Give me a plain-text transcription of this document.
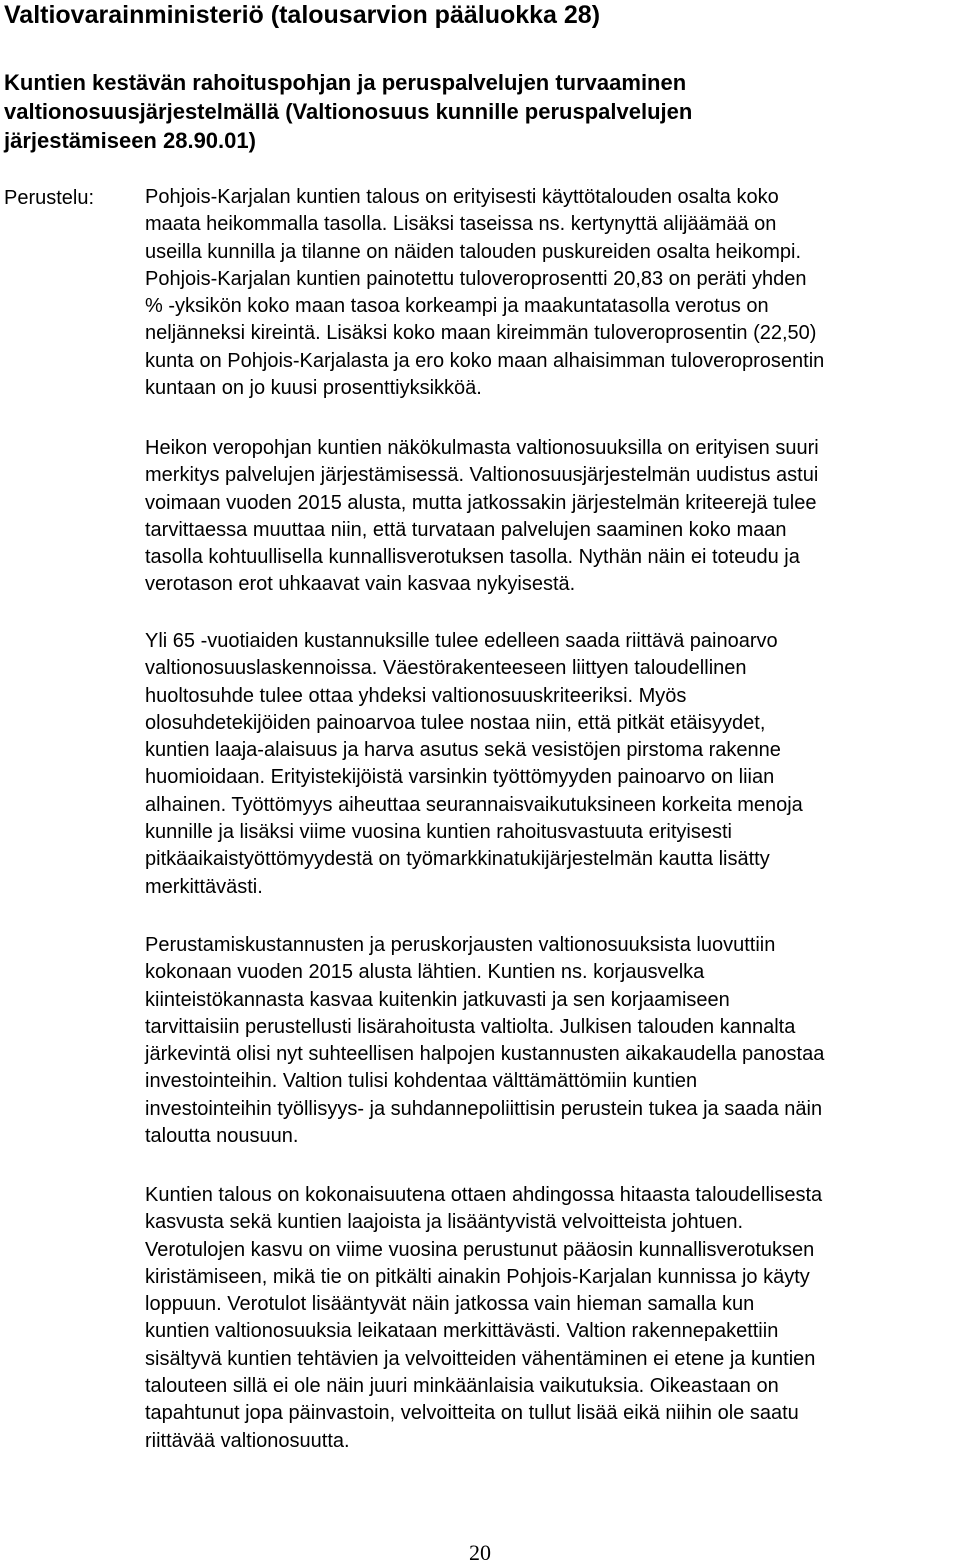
Valtiovarainministeriö (talousarvion pääluokka 28)
Kuntien kestävän rahoituspohjan ja peruspalvelujen turvaaminen
valtionosuusjärjestelmällä (Valtionosuus kunnille peruspalvelujen
järjestämiseen 28.90.01)

Perustelu:	Pohjois-Karjalan kuntien talous on erityisesti käyttötalouden osalta koko
maata heikommalla tasolla. Lisäksi taseissa ns. kertynyttä alijäämää on
useilla kunnilla ja tilanne on näiden talouden puskureiden osalta heikompi.
Pohjois-Karjalan kuntien painotettu tuloveroprosentti 20,83 on peräti yhden
% -yksikön koko maan tasoa korkeampi ja maakuntatasolla verotus on
neljänneksi kireintä. Lisäksi koko maan kireimmän tuloveroprosentin (22,50)
kunta on Pohjois-Karjalasta ja ero koko maan alhaisimman tuloveroprosentin
kuntaan on jo kuusi prosenttiyksikköä.

Heikon veropohjan kuntien näkökulmasta valtionosuuksilla on erityisen suuri
merkitys palvelujen järjestämisessä. Valtionosuusjärjestelmän uudistus astui
voimaan vuoden 2015 alusta, mutta jatkossakin järjestelmän kriteerejä tulee
tarvittaessa muuttaa niin, että turvataan palvelujen saaminen koko maan
tasolla kohtuullisella kunnallisverotuksen tasolla. Nythän näin ei toteudu ja
verotason erot uhkaavat vain kasvaa nykyisestä.

Yli 65 -vuotiaiden kustannuksille tulee edelleen saada riittävä painoarvo
valtionosuuslaskennoissa. Väestörakenteeseen liittyen taloudellinen
huoltosuhde tulee ottaa yhdeksi valtionosuuskriteeriksi. Myös
olosuhdetekijöiden painoarvoa tulee nostaa niin, että pitkät etäisyydet,
kuntien laaja-alaisuus ja harva asutus sekä vesistöjen pirstoma rakenne
huomioidaan. Erityistekijöistä varsinkin työttömyyden painoarvo on liian
alhainen. Työttömyys aiheuttaa seurannaisvaikutuksineen korkeita menoja
kunnille ja lisäksi viime vuosina kuntien rahoitusvastuuta erityisesti
pitkäaikaistyöttömyydestä on työmarkkinatukijärjestelmän kautta lisätty
merkittävästi.

Perustamiskustannusten ja peruskorjausten valtionosuuksista luovuttiin
kokonaan vuoden 2015 alusta lähtien. Kuntien ns. korjausvelka
kiinteistökannasta kasvaa kuitenkin jatkuvasti ja sen korjaamiseen
tarvittaisiin perustellusti lisärahoitusta valtiolta. Julkisen talouden kannalta
järkevintä olisi nyt suhteellisen halpojen kustannusten aikakaudella panostaa
investointeihin. Valtion tulisi kohdentaa välttämättömiin kuntien
investointeihin työllisyys- ja suhdannepoliittisin perustein tukea ja saada näin
taloutta nousuun.

Kuntien talous on kokonaisuutena ottaen ahdingossa hitaasta taloudellisesta
kasvusta sekä kuntien laajoista ja lisääntyvistä velvoitteista johtuen.
Verotulojen kasvu on viime vuosina perustunut pääosin kunnallisverotuksen
kiristämiseen, mikä tie on pitkälti ainakin Pohjois-Karjalan kunnissa jo käyty
loppuun. Verotulot lisääntyvät näin jatkossa vain hieman samalla kun
kuntien valtionosuuksia leikataan merkittävästi. Valtion rakennepakettiin
sisältyvä kuntien tehtävien ja velvoitteiden vähentäminen ei etene ja kuntien
talouteen sillä ei ole näin juuri minkäänlaisia vaikutuksia. Oikeastaan on
tapahtunut jopa päinvastoin, velvoitteita on tullut lisää eikä niihin ole saatu
riittävää valtionosuutta.

20
